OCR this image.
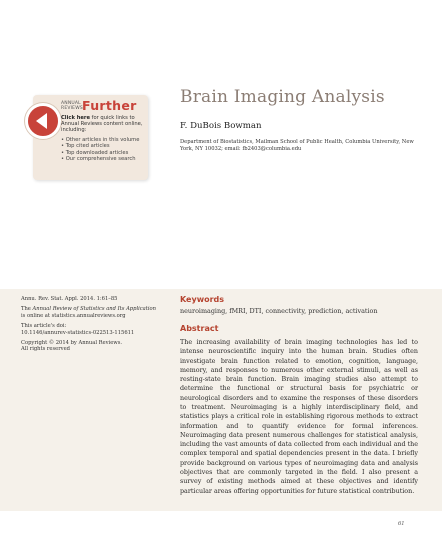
ANNUAL
REVIEWS Further
Click here for quick links to Annual Reviews content online, including:
• Other articles in this volume
• Top cited articles
• Top downloaded articles
• Our comprehensive search
Brain Imaging Analysis
F. DuBois Bowman
Department of Biostatistics, Mailman School of Public Health, Columbia University, New York, NY 10032; email: fb2403@columbia.edu

Annu. Rev. Stat. Appl. 2014. 1:61–85

The Annual Review of Statistics and Its Application is online at statistics.annualreviews.org

This article's doi:
10.1146/annurev-statistics-022513-115611

Copyright © 2014 by Annual Reviews.
All rights reserved

Keywords
neuroimaging, fMRI, DTI, connectivity, prediction, activation
Abstract
The increasing availability of brain imaging technologies has led to intense neuroscientific inquiry into the human brain. Studies often investigate brain function related to emotion, cognition, language, memory, and responses to numerous other external stimuli, as well as resting-state brain function. Brain imaging studies also attempt to determine the functional or structural basis for psychiatric or neurological disorders and to examine the responses of these disorders to treatment. Neuroimaging is a highly interdisciplinary field, and statistics plays a critical role in establishing rigorous methods to extract information and to quantify evidence for formal inferences. Neuroimaging data present numerous challenges for statistical analysis, including the vast amounts of data collected from each individual and the complex temporal and spatial dependencies present in the data. I briefly provide background on various types of neuroimaging data and analysis objectives that are commonly targeted in the field. I also present a survey of existing methods aimed at these objectives and identify particular areas offering opportunities for future statistical contribution.
61
